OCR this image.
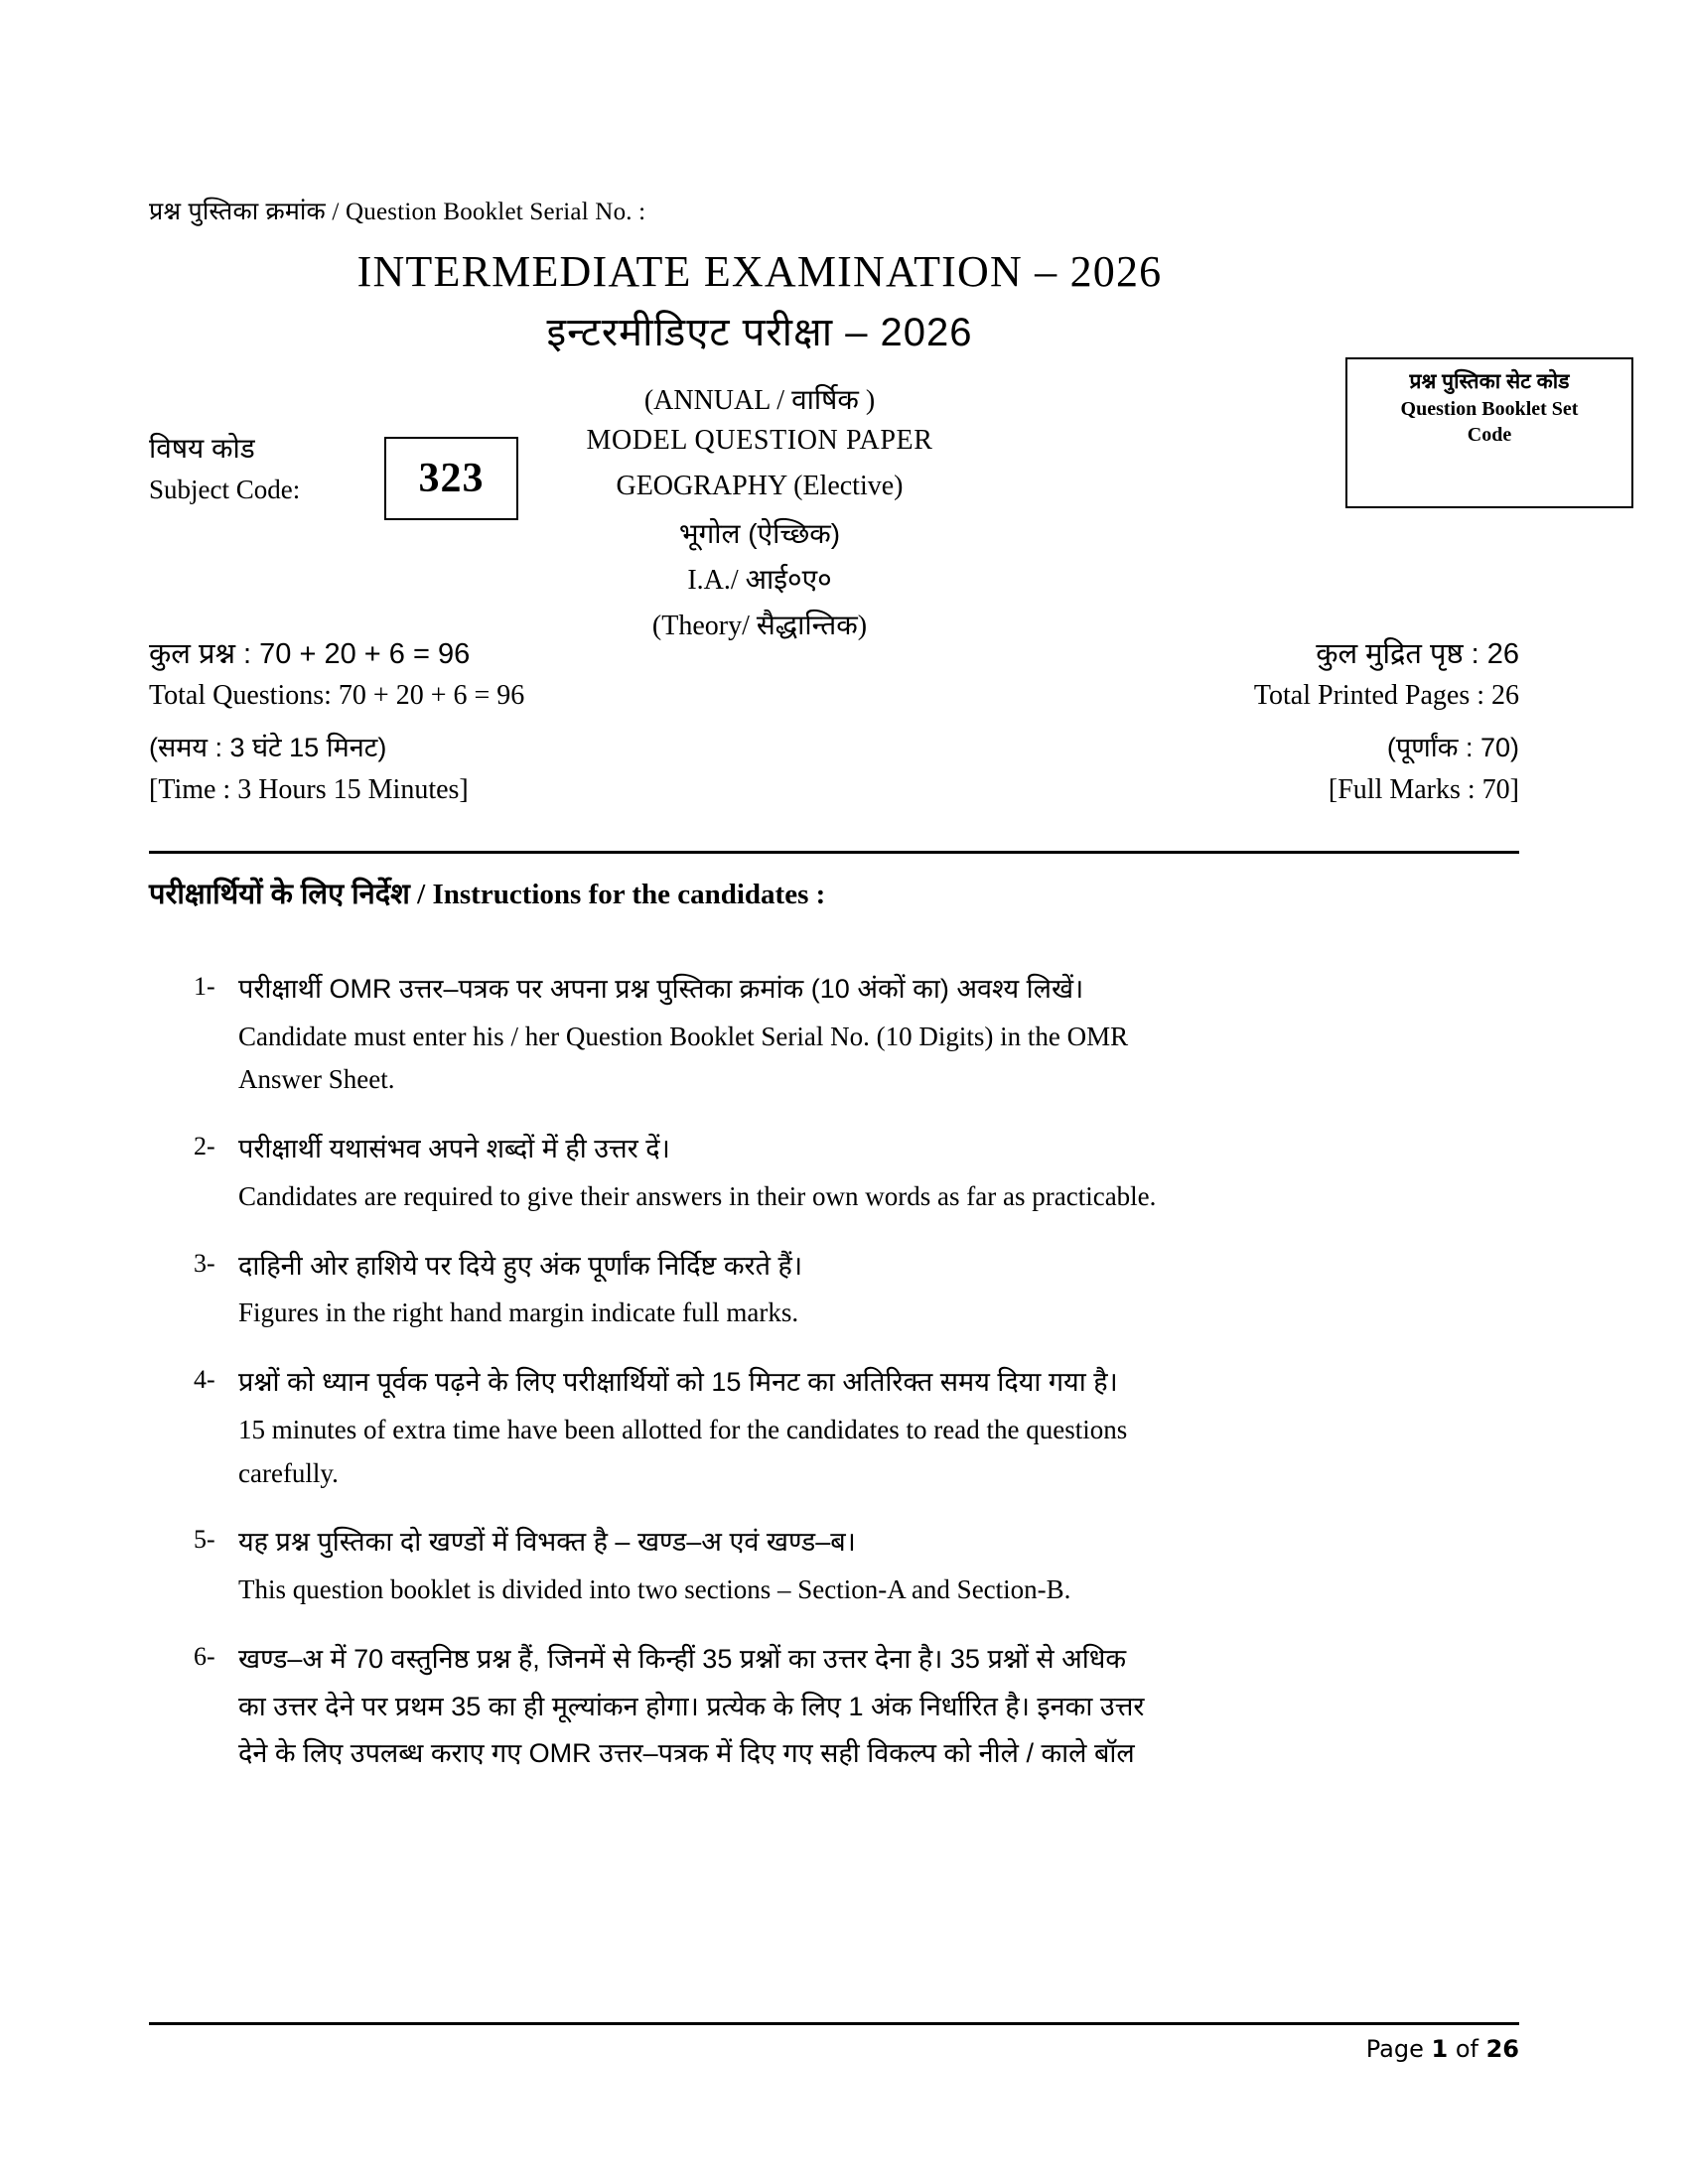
प्रश्न पुस्तिका क्रमांक / Question Booklet Serial No. :
INTERMEDIATE EXAMINATION – 2026
इन्टरमीडिएट परीक्षा – 2026
(ANNUAL / वार्षिक )
MODEL QUESTION PAPER
GEOGRAPHY (Elective)
भूगोल (ऐच्छिक)
I.A./ आई०ए०
(Theory/ सैद्धान्तिक)
प्रश्न पुस्तिका सेट कोड
Question Booklet Set
Code
विषय कोड
Subject Code:	323
कुल प्रश्न : 70 + 20 + 6 = 96
Total Questions: 70 + 20 + 6 = 96
(समय : 3 घंटे 15 मिनट)
[Time : 3 Hours 15 Minutes]
कुल मुद्रित पृष्ठ : 26
Total Printed Pages : 26
(पूर्णांक : 70)
[Full Marks : 70]
परीक्षार्थियों के लिए निर्देश / Instructions for the candidates :
1- परीक्षार्थी OMR उत्तर–पत्रक पर अपना प्रश्न पुस्तिका क्रमांक (10 अंकों का) अवश्य लिखें।
Candidate must enter his / her Question Booklet Serial No. (10 Digits) in the OMR
Answer Sheet.
2- परीक्षार्थी यथासंभव अपने शब्दों में ही उत्तर दें।
Candidates are required to give their answers in their own words as far as practicable.
3- दाहिनी ओर हाशिये पर दिये हुए अंक पूर्णांक निर्दिष्ट करते हैं।
Figures in the right hand margin indicate full marks.
4- प्रश्नों को ध्यान पूर्वक पढ़ने के लिए परीक्षार्थियों को 15 मिनट का अतिरिक्त समय दिया गया है।
15 minutes of extra time have been allotted for the candidates to read the questions
carefully.
5- यह प्रश्न पुस्तिका दो खण्डों में विभक्त है – खण्ड–अ एवं खण्ड–ब।
This question booklet is divided into two sections – Section-A and Section-B.
6- खण्ड–अ में 70 वस्तुनिष्ठ प्रश्न हैं, जिनमें से किन्हीं 35 प्रश्नों का उत्तर देना है। 35 प्रश्नों से अधिक
का उत्तर देने पर प्रथम 35 का ही मूल्यांकन होगा। प्रत्येक के लिए 1 अंक निर्धारित है। इनका उत्तर
देने के लिए उपलब्ध कराए गए OMR उत्तर–पत्रक में दिए गए सही विकल्प को नीले / काले बॉल
Page 1 of 26
